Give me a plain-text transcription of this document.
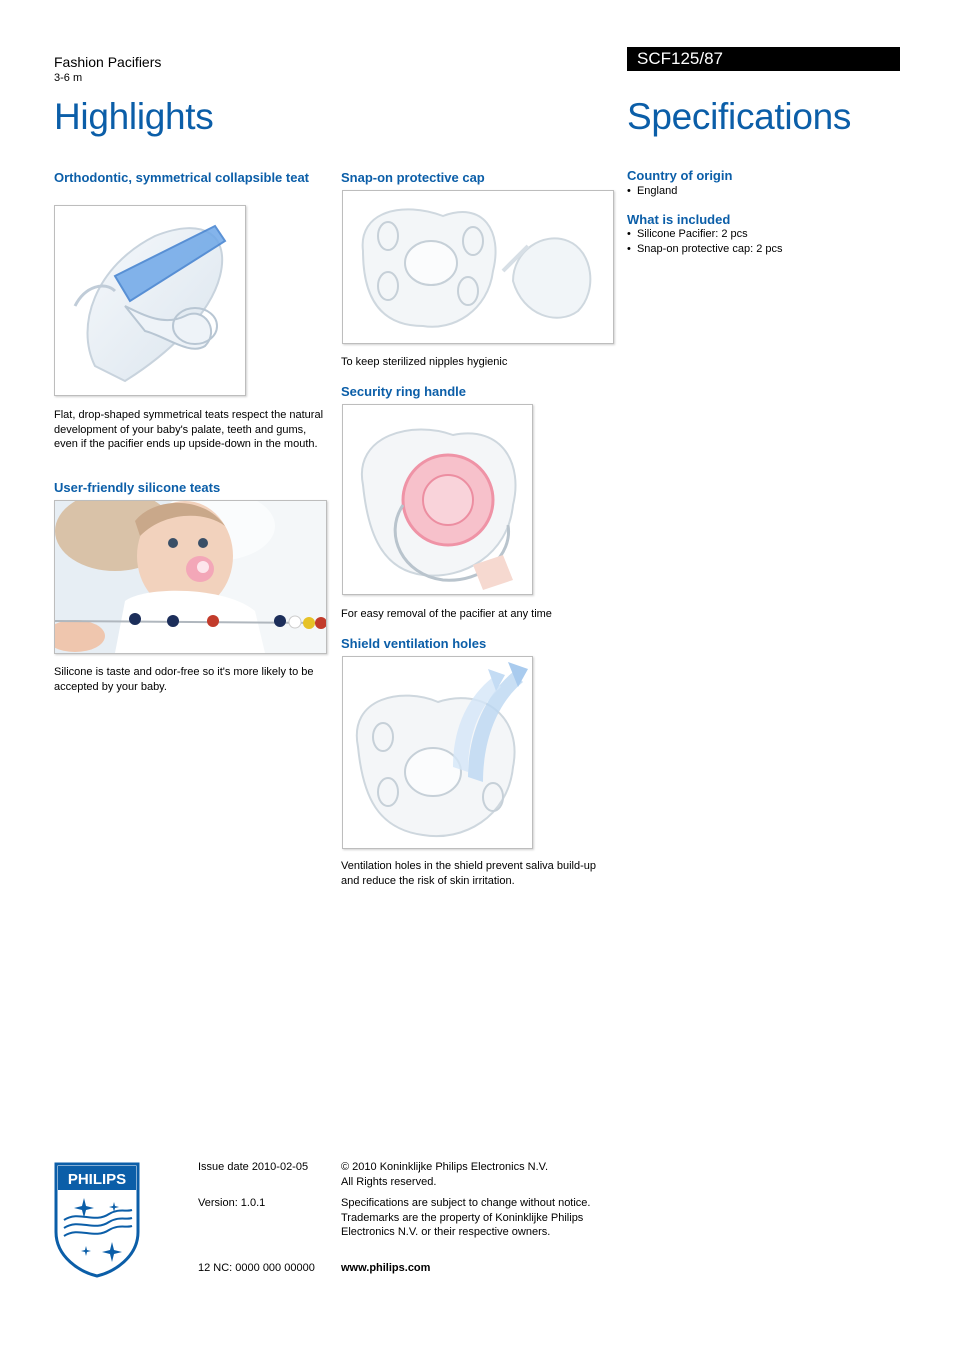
Fashion Pacifiers
3-6 m
SCF125/87
Highlights	Specifications
Orthodontic, symmetrical collapsible teat
Flat, drop-shaped symmetrical teats respect the natural development of your baby's palate, teeth and gums, even if the pacifier ends up upside-down in the mouth.
User-friendly silicone teats
Silicone is taste and odor-free so it's more likely to be accepted by your baby.
Snap-on protective cap
To keep sterilized nipples hygienic
Security ring handle
For easy removal of the pacifier at any time
Shield ventilation holes
Ventilation holes in the shield prevent saliva build-up and reduce the risk of skin irritation.
Country of origin
•  England
What is included
•  Silicone Pacifier: 2 pcs
•  Snap-on protective cap: 2 pcs
PHILIPS
Issue date 2010-02-05
Version: 1.0.1
12 NC: 0000 000 00000
© 2010 Koninklijke Philips Electronics N.V.
All Rights reserved.
Specifications are subject to change without notice.
Trademarks are the property of Koninklijke Philips
Electronics N.V. or their respective owners.
www.philips.com
